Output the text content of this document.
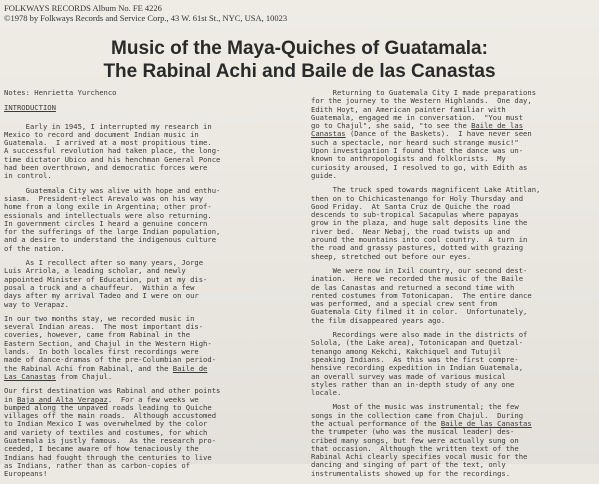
FOLKWAYS RECORDS Album No. FE 4226
©1978 by Folkways Records and Service Corp., 43 W. 61st St., NYC, USA, 10023
Music of the Maya-Quiches of Guatamala:
The Rabinal Achi and Baile de las Canastas

Notes: Henrietta Yurchenco

INTRODUCTION

Early in 1945, I interrupted my research in
Mexico to record and document Indian music in
Guatemala.  I arrived at a most propitious time.
A successful revolution had taken place, the long-
time dictator Ubico and his henchman General Ponce
had been overthrown, and democratic forces were
in control.

Guatemala City was alive with hope and enthu-
siasm.  President-elect Arevalo was on his way
home from a long exile in Argentina; other prof-
essionals and intellectuals were also returning.
In government circles I heard a genuine concern
for the sufferings of the large Indian population,
and a desire to understand the indigenous culture
of the nation.

As I recollect after so many years, Jorge
Luis Arriola, a leading scholar, and newly
appointed Minister of Education, put at my dis-
posal a truck and a chauffeur.  Within a few
days after my arrival Tadeo and I were on our
way to Verapaz.

In our two months stay, we recorded music in
several Indian areas.  The most important dis-
coveries, however, came from Rabinal in the
Eastern Section, and Chajul in the Western High-
lands.  In both locales first recordings were
made of dance-dramas of the pre-Columbian period-
the Rabinal Achi from Rabinal, and the Baile de
Las Canastas from Chajul.

Our first destination was Rabinal and other points
in Baja and Alta Verapaz.  For a few weeks we
bumped along the unpaved roads leading to Quiche
villages off the main roads.  Although accustomed
to Indian Mexico I was overwhelmed by the color
and variety of textiles and costumes, for which
Guatemala is justly famous.  As the research pro-
ceeded, I became aware of how tenaciously the
Indians had fought through the centuries to live
as Indians, rather than as carbon-copies of
Europeans!

Returning to Guatemala City I made preparations
for the journey to the Western Highlands.  One day,
Edith Hoyt, an American painter familiar with
Guatemala, engaged me in conversation.  "You must
go to Chajul", she said, "to see the Baile de las
Canastas (Dance of the Baskets).  I have never seen
such a spectacle, nor heard such strange music!"
Upon investigation I found that the dance was un-
known to anthropologists and folklorists.  My
curiosity aroused, I resolved to go, with Edith as
guide.

The truck sped towards magnificent Lake Atitlan,
then on to Chichicastenango for Holy Thursday and
Good Friday.  At Santa Cruz de Quiche the road
descends to sub-tropical Sacapulas where papayas
grow in the plaza, and huge salt deposits line the
river bed.  Near Nebaj, the road twists up and
around the mountains into cool country.  A turn in
the road and grassy pastures, dotted with grazing
sheep, stretched out before our eyes.

We were now in Ixil country, our second dest-
ination.  Here we recorded the music of the Baile
de las Canastas and returned a second time with
rented costumes from Totonicapan.  The entire dance
was performed, and a special crew sent from
Guatemala City filmed it in color.  Unfortunately,
the film disappeared years ago.

Recordings were also made in the districts of
Solola, (the Lake area), Totonicapan and Quetzal-
tenango among Kekchi, Kakchiquel and Tutujil
speaking Indians.  As this was the first compre-
hensive recording expedition in Indian Guatemala,
an overall survey was made of various musical
styles rather than an in-depth study of any one
locale.

Most of the music was instrumental; the few
songs in the collection came from Chajul.  During
the actual performance of the Baile de las Canastas
the trumpeter (who was the musical leader) des-
cribed many songs, but few were actually sung on
that occasion.  Although the written text of the
Rabinal Achi clearly specifies vocal music for the
dancing and singing of part of the text, only
instrumentalists showed up for the recordings.
